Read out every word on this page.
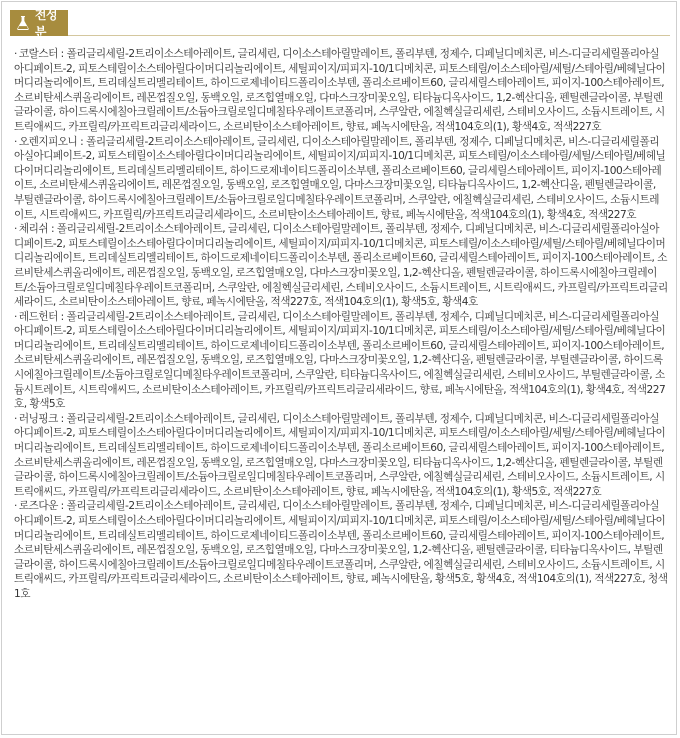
전성분

· 코랄스터 : 폴리글리세릴-2트리이소스테아레이트, 글리세린, 디이소스테아릴말레이트, 폴리부텐, 정제수, 디페닐디메치콘, 비스-디글리세릴폴리아실아디페이트-2, 피토스테릴이소스테아릴다이머디리놀리에이트, 세틸피이지/피피지-10/1디메치콘, 피토스테릴/이소스테아릴/세틸/스테아릴/베헤닐다이머디리놀리에이트, 트리데실트리멜리테이트, 하이드로제네이티드폴리이소부텐, 폴리소르베이트60, 글리세릴스테아레이트, 피이지-100스테아레이트, 소르비탄세스퀴올리에이트, 레몬껍질오일, 동백오일, 로즈힙열매오일, 다마스크장미꽃오일, 티타늄디옥사이드, 1,2-헥산디올, 펜틸렌글라이콜, 부틸렌글라이콜, 하이드록시에칠아크릴레이트/소듐아크릴로일디메칠타우레이트코폴리머, 스쿠알란, 에칠헥실글리세린, 스테비오사이드, 소듐시트레이트, 시트릭애씨드, 카프릴릭/카프릭트리글리세라이드, 소르비탄이소스테아레이트, 향료, 페녹시에탄올, 적색104호의(1), 황색4호, 적색227호

· 오렌지피오니 : 폴리글리세릴-2트리이소스테아레이트, 글리세린, 디이소스테아릴말레이트, 폴리부텐, 정제수, 디페닐디메치콘, 비스-디글리세릴폴리아실아디페이트-2, 피토스테릴이소스테아릴다이머디리놀리에이트, 세틸피이지/피피지-10/1디메치콘, 피토스테릴/이소스테아릴/세틸/스테아릴/베헤닐다이머디리놀리에이트, 트리데실트리멜리테이트, 하이드로제네이티드폴리이소부텐, 폴리소르베이트60, 글리세릴스테아레이트, 피이지-100스테아레이트, 소르비탄세스퀴올리에이트, 레몬껍질오일, 동백오일, 로즈힙열매오일, 다마스크장미꽃오일, 티타늄디옥사이드, 1,2-헥산디올, 펜틸렌글라이콜, 부틸렌글라이콜, 하이드록시에칠아크릴레이트/소듐아크릴로일디메칠타우레이트코폴리머, 스쿠알란, 에칠헥실글리세린, 스테비오사이드, 소듐시트레이트, 시트릭애씨드, 카프릴릭/카프릭트리글리세라이드, 소르비탄이소스테아레이트, 향료, 페녹시에탄올, 적색104호의(1), 황색4호, 적색227호

· 체리쉬 : 폴리글리세릴-2트리이소스테아레이트, 글리세린, 디이소스테아릴말레이트, 폴리부텐, 정제수, 디페닐디메치콘, 비스-디글리세릴폴리아실아디페이트-2, 피토스테릴이소스테아릴다이머디리놀리에이트, 세틸피이지/피피지-10/1디메치콘, 피토스테릴/이소스테아릴/세틸/스테아릴/베헤닐다이머디리놀리에이트, 트리데실트리멜리테이트, 하이드로제네이티드폴리이소부텐, 폴리소르베이트60, 글리세릴스테아레이트, 피이지-100스테아레이트, 소르비탄세스퀴올리에이트, 레몬껍질오일, 동백오일, 로즈힙열매오일, 다마스크장미꽃오일, 1,2-헥산디올, 펜틸렌글라이콜, 하이드록시에칠아크릴레이트/소듐아크릴로일디메칠타우레이트코폴리머, 스쿠알란, 에칠헥실글리세린, 스테비오사이드, 소듐시트레이트, 시트릭애씨드, 카프릴릭/카프릭트리글리세라이드, 소르비탄이소스테아레이트, 향료, 페녹시에탄올, 적색227호, 적색104호의(1), 황색5호, 황색4호

· 레드헌터 : 폴리글리세릴-2트리이소스테아레이트, 글리세린, 디이소스테아릴말레이트, 폴리부텐, 정제수, 디페닐디메치콘, 비스-디글리세릴폴리아실아디페이트-2, 피토스테릴이소스테아릴다이머디리놀리에이트, 세틸피이지/피피지-10/1디메치콘, 피토스테릴/이소스테아릴/세틸/스테아릴/베헤닐다이머디리놀리에이트, 트리데실트리멜리테이트, 하이드로제네이티드폴리이소부텐, 폴리소르베이트60, 글리세릴스테아레이트, 피이지-100스테아레이트, 소르비탄세스퀴올리에이트, 레몬껍질오일, 동백오일, 로즈힙열매오일, 다마스크장미꽃오일, 1,2-헥산디올, 펜틸렌글라이콜, 부틸렌글라이콜, 하이드록시에칠아크릴레이트/소듐아크릴로일디메칠타우레이트코폴리머, 스쿠알란, 티타늄디옥사이드, 에칠헥실글리세린, 스테비오사이드, 부틸렌글라이콜, 소듐시트레이트, 시트릭애씨드, 소르비탄이소스테아레이트, 카프릴릭/카프릭트리글리세라이드, 향료, 페녹시에탄올, 적색104호의(1), 황색4호, 적색227호, 황색5호

· 러닝핑크 : 폴리글리세릴-2트리이소스테아레이트, 글리세린, 디이소스테아릴말레이트, 폴리부텐, 정제수, 디페닐디메치콘, 비스-디글리세릴폴리아실아디페이트-2, 피토스테릴이소스테아릴다이머디리놀리에이트, 세틸피이지/피피지-10/1디메치콘, 피토스테릴/이소스테아릴/세틸/스테아릴/베헤닐다이머디리놀리에이트, 트리데실트리멜리테이트, 하이드로제네이티드폴리이소부텐, 폴리소르베이트60, 글리세릴스테아레이트, 피이지-100스테아레이트, 소르비탄세스퀴올리에이트, 레몬껍질오일, 동백오일, 로즈힙열매오일, 다마스크장미꽃오일, 티타늄디옥사이드, 1,2-헥산디올, 펜틸렌글라이콜, 부틸렌글라이콜, 하이드록시에칠아크릴레이트/소듐아크릴로일디메칠타우레이트코폴리머, 스쿠알란, 에칠헥실글리세린, 스테비오사이드, 소듐시트레이트, 시트릭애씨드, 카프릴릭/카프릭트리글리세라이드, 소르비탄이소스테아레이트, 향료, 페녹시에탄올, 적색104호의(1), 황색5호, 적색227호

· 로즈다운 : 폴리글리세릴-2트리이소스테아레이트, 글리세린, 디이소스테아릴말레이트, 폴리부텐, 정제수, 디페닐디메치콘, 비스-디글리세릴폴리아실아디페이트-2, 피토스테릴이소스테아릴다이머디리놀리에이트, 세틸피이지/피피지-10/1디메치콘, 피토스테릴/이소스테아릴/세틸/스테아릴/베헤닐다이머디리놀리에이트, 트리데실트리멜리테이트, 하이드로제네이티드폴리이소부텐, 폴리소르베이트60, 글리세릴스테아레이트, 피이지-100스테아레이트, 소르비탄세스퀴올리에이트, 레몬껍질오일, 동백오일, 로즈힙열매오일, 다마스크장미꽃오일, 1,2-헥산디올, 펜틸렌글라이콜, 티타늄디옥사이드, 부틸렌글라이콜, 하이드록시에칠아크릴레이트/소듐아크릴로일디메칠타우레이트코폴리머, 스쿠알란, 에칠헥실글리세린, 스테비오사이드, 소듐시트레이트, 시트릭애씨드, 카프릴릭/카프릭트리글리세라이드, 소르비탄이소스테아레이트, 향료, 페녹시에탄올, 황색5호, 황색4호, 적색104호의(1), 적색227호, 청색1호
